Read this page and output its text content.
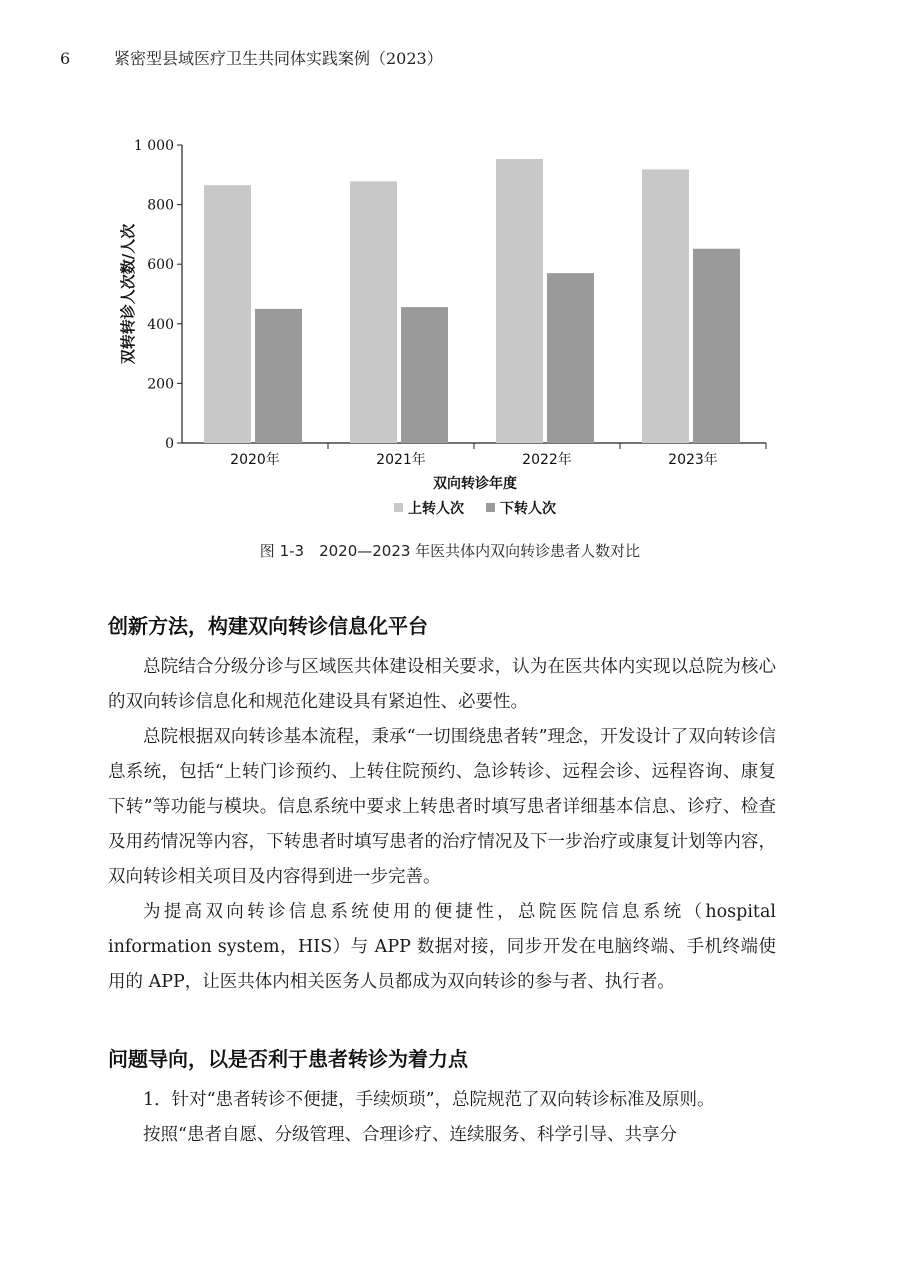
6	紧密型县域医疗卫生共同体实践案例（2023）
0
200
400
600
800
1 000
双转转诊人次数/人次
2020年	2021年	2022年	2023年
双向转诊年度
上转人次	下转人次
图 1-3　2020—2023 年医共体内双向转诊患者人数对比
创新方法，构建双向转诊信息化平台

总院结合分级分诊与区域医共体建设相关要求，认为在医共体内实现以总院为核心的双向转诊信息化和规范化建设具有紧迫性、必要性。

总院根据双向转诊基本流程，秉承“一切围绕患者转”理念，开发设计了双向转诊信息系统，包括“上转门诊预约、上转住院预约、急诊转诊、远程会诊、远程咨询、康复下转”等功能与模块。信息系统中要求上转患者时填写患者详细基本信息、诊疗、检查及用药情况等内容，下转患者时填写患者的治疗情况及下一步治疗或康复计划等内容，双向转诊相关项目及内容得到进一步完善。

为提高双向转诊信息系统使用的便捷性，总院医院信息系统（hospital information system，HIS）与 APP 数据对接，同步开发在电脑终端、手机终端使用的 APP，让医共体内相关医务人员都成为双向转诊的参与者、执行者。

问题导向，以是否利于患者转诊为着力点

1．针对“患者转诊不便捷，手续烦琐”，总院规范了双向转诊标准及原则。

按照“患者自愿、分级管理、合理诊疗、连续服务、科学引导、共享分
